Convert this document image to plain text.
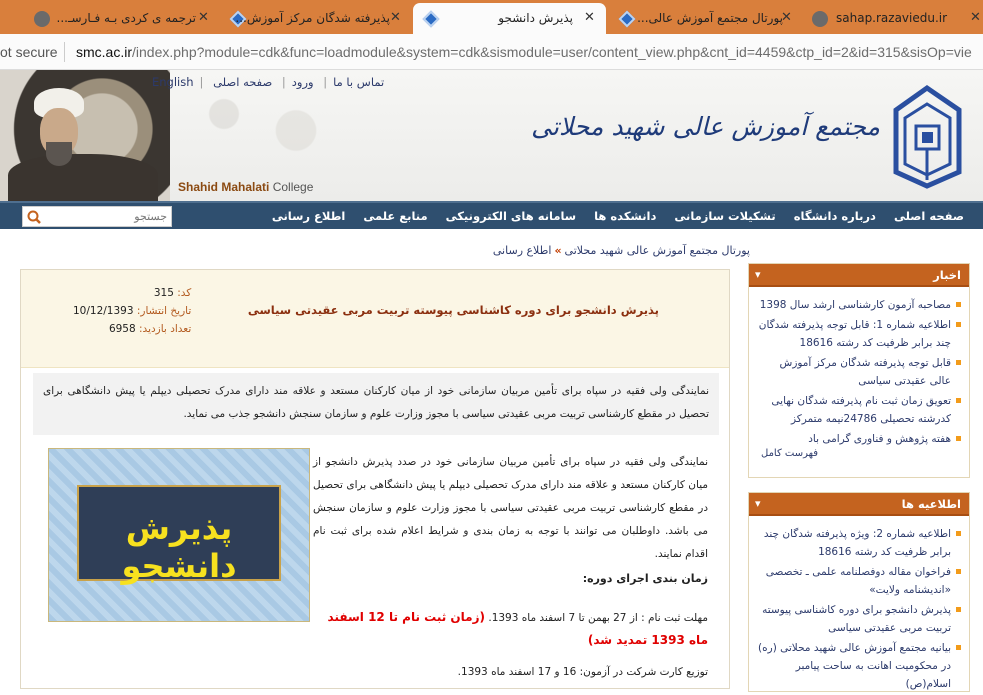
ترجمه ی کردی بـه فـارسـ... ✕ پذیرفته شدگان مرکز آموزش... ✕	پذیرش دانشجو ✕	پورتال مجتمع آموزش عالی...
✕	sahap.razaviedu.ir	✕
ot secure smc.ac.ir/index.php?module=cdk&func=loadmodule&system=cdk&sismodule=user/content_view.php&cnt_id=4459&ctp_id=2&id=315&sisOp=vie
English |	تماس با ما| ورود| صفحه اصلی
Shahid Mahalati College
مجتمع آموزش عالی شهید محلاتی
صفحه اصلی
درباره دانشگاه
تشکیلات سازمانی
دانشکده ها
سامانه های الکترونیکی
منابع علمی
اطلاع رسانی
جستجو
پورتال مجتمع آموزش عالی شهید محلاتی»اطلاع رسانی
کد: 315
تاریخ انتشار: 10/12/1393
تعداد بازدید: 6958
پذیرش دانشجو برای دوره کاشناسی پیوسته تربیت مربی عقیدتی سیاسی
نمایندگی ولی فقیه در سپاه برای تأمین مربیان سازمانی خود از میان کارکنان مستعد و علاقه مند دارای مدرک تحصیلی دیپلم یا پیش دانشگاهی برای تحصیل در مقطع کارشناسی تربیت مربی عقیدتی سیاسی با مجوز وزارت علوم و سازمان سنجش دانشجو جذب می نماید.
پذیرش دانشجو
نمایندگی ولی فقیه در سپاه برای تأمین مربیان سازمانی خود در صدد پذیرش دانشجو از میان کارکنان مستعد و علاقه مند دارای مدرک تحصیلی دیپلم یا پیش دانشگاهی برای تحصیل در مقطع کارشناسی تربیت مربی عقیدتی سیاسی با مجوز وزارت علوم و سازمان سنجش می باشد. داوطلبان می توانند با توجه به زمان بندی و شرایط اعلام شده برای ثبت نام اقدام نمایند.
زمان بندی اجرای دوره:
مهلت ثبت نام : از 27 بهمن تا 7 اسفند ماه 1393. (زمان ثبت نام تا 12 اسفند ماه 1393 تمدید شد)
توزیع کارت شرکت در آزمون: 16 و 17 اسفند ماه 1393.
اخبار
▾
مصاحبه آزمون کارشناسی ارشد سال 1398
اطلاعیه شماره 1: قابل توجه پذیرفته شدگان چند برابر ظرفیت کد رشته 18616
قابل توجه پذیرفته شدگان مرکز آموزش عالی عقیدتی سیاسی
تعویق زمان ثبت نام پذیرفته شدگان نهایی کدرشته تحصیلی 24786نیمه متمرکز
هفته پژوهش و فناوری گرامی باد
فهرست کامل
اطلاعیه ها
▾
اطلاعیه شماره 2: ویژه پذیرفته شدگان چند برابر ظرفیت کد رشته 18616
فراخوان مقاله دوفصلنامه علمی ـ تخصصی «اندیشنامه ولایت»
پذیرش دانشجو برای دوره کاشناسی پیوسته تربیت مربی عقیدتی سیاسی
بیانیه مجتمع آموزش عالی شهید محلاتی (ره) در محکومیت اهانت به ساحت پیامبر اسلام(ص)
